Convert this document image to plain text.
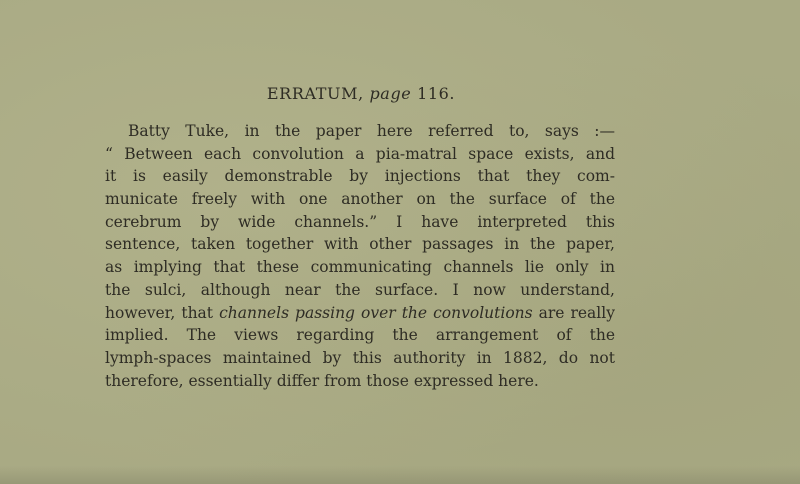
ERRATUM, page 116.
Batty Tuke, in the paper here referred to, says :—
“ Between each convolution a pia-matral space exists, and
it is easily demonstrable by injections that they com-
municate freely with one another on the surface of the
cerebrum by wide channels.” I have interpreted this
sentence, taken together with other passages in the paper,
as implying that these communicating channels lie only in
the sulci, although near the surface. I now understand,
however, that channels passing over the convolutions are really
implied. The views regarding the arrangement of the
lymph-spaces maintained by this authority in 1882, do not
therefore, essentially differ from those expressed here.
